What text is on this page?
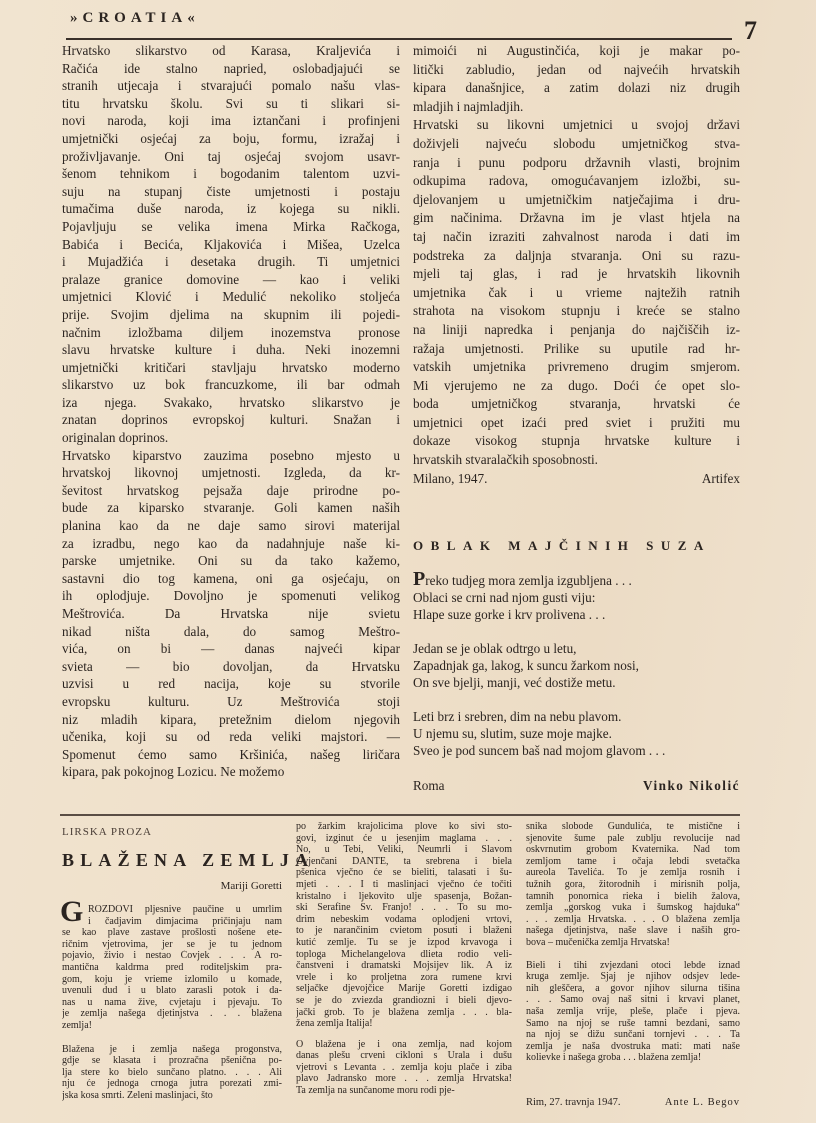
»CROATIA«	7
Hrvatsko slikarstvo od Karasa, Kraljevića i
Račića ide stalno napried, oslobadjajući se
stranih utjecaja i stvarajući pomalo našu vlas-
titu hrvatsku školu. Svi su ti slikari si-
novi naroda, koji ima iztančani i profinjeni
umjetnički osjećaj za boju, formu, izražaj i
proživljavanje. Oni taj osjećaj svojom usavr-
šenom tehnikom i bogodanim talentom uzvi-
suju na stupanj čiste umjetnosti i postaju
tumačima duše naroda, iz kojega su nikli.
Pojavljuju se velika imena Mirka Račkoga,
Babića i Becića, Kljakovića i Mišea, Uzelca
i Mujadžića i desetaka drugih. Ti umjetnici
pralaze granice domovine — kao i veliki
umjetnici Klović i Medulić nekoliko stoljeća
prije. Svojim djelima na skupnim ili pojedi-
načnim izložbama diljem inozemstva pronose
slavu hrvatske kulture i duha. Neki inozemni
umjetnički kritičari stavljaju hrvatsko moderno
slikarstvo uz bok francuzkome, ili bar odmah
iza njega. Svakako, hrvatsko slikarstvo je
znatan doprinos evropskoj kulturi. Snažan i
originalan doprinos.
Hrvatsko kiparstvo zauzima posebno mjesto u
hrvatskoj likovnoj umjetnosti. Izgleda, da kr-
ševitost hrvatskog pejsaža daje prirodne po-
bude za kiparsko stvaranje. Goli kamen naših
planina kao da ne daje samo sirovi materijal
za izradbu, nego kao da nadahnjuje naše ki-
parske umjetnike. Oni su da tako kažemo,
sastavni dio tog kamena, oni ga osjećaju, on
ih oplodjuje. Dovoljno je spomenuti velikog
Meštrovića. Da Hrvatska nije svietu
nikad ništa dala, do samog Meštro-
vića, on bi — danas najveći kipar
svieta — bio dovoljan, da Hrvatsku
uzvisi u red nacija, koje su stvorile
evropsku kulturu. Uz Meštrovića stoji
niz mladih kipara, pretežnim dielom njegovih
učenika, koji su od reda veliki majstori. —
Spomenut ćemo samo Kršinića, našeg liričara
kipara, pak pokojnog Lozicu. Ne možemo
mimoići ni Augustinčića, koji je makar po-
litički zabludio, jedan od najvećih hrvatskih
kipara današnjice, a zatim dolazi niz drugih
mladjih i najmladjih.
Hrvatski su likovni umjetnici u svojoj državi
doživjeli najveću slobodu umjetničkog stva-
ranja i punu podporu državnih vlasti, brojnim
odkupima radova, omogućavanjem izložbi, su-
djelovanjem u umjetničkim natječajima i dru-
gim načinima. Državna im je vlast htjela na
taj način izraziti zahvalnost naroda i dati im
podstreka za daljnja stvaranja. Oni su razu-
mjeli taj glas, i rad je hrvatskih likovnih
umjetnika čak i u vrieme najtežih ratnih
strahota na visokom stupnju i kreće se stalno
na liniji napredka i penjanja do najčiščih iz-
ražaja umjetnosti. Prilike su uputile rad hr-
vatskih umjetnika privremeno drugim smjerom.
Mi vjerujemo ne za dugo. Doći će opet slo-
boda umjetničkog stvaranja, hrvatski će
umjetnici opet izaći pred sviet i pružiti mu
dokaze visokog stupnja hrvatske kulture i
hrvatskih stvaralačkih sposobnosti.
Milano, 1947.	Artifex
OBLAK MAJČINIH SUZA
Preko tudjeg mora zemlja izgubljena . . .
Oblaci se crni nad njom gusti viju:
Hlape suze gorke i krv prolivena . . .
Jedan se je oblak odtrgo u letu,
Zapadnjak ga, lakog, k suncu žarkom nosi,
On sve bjelji, manji, već dostiže metu.
Leti brz i srebren, dim na nebu plavom.
U njemu su, slutim, suze moje majke.
Sveo je pod suncem baš nad mojom glavom . . .
Roma	Vinko Nikolić
LIRSKA PROZA
BLAŽENA ZEMLJA
Mariji Goretti
G ROZDOVI pljesnive paučine u umrlim
i čadjavim dimjacima pričinjaju nam
se kao plave zastave prošlosti nošene ete-
ričnim vjetrovima, jer se je tu jednom
pojavio, živio i nestao Čovjek . . . A ro-
mantična kaldrma pred roditeljskim pra-
gom, koju je vrieme izlomilo u komade,
uvenuli dud i u blato zarasli potok i da-
nas u nama žive, cvjetaju i pjevaju. To
je zemlja našega djetinjstva . . . blažena
zemlja!
Blažena je i zemlja našega progonstva,
gdje se klasata i prozračna pšenična po-
lja stere ko bielo sunčano platno. . . . Ali
nju će jednoga crnoga jutra porezati zmi-
jska kosa smrti. Zeleni maslinjaci, što
po žarkim krajolicima plove ko sivi sto-
govi, izginut će u jesenjim maglama . . .
No, u Tebi, Veliki, Neumrli i Slavom
Ovjenčani DANTE, ta srebrena i biela
pšenica vječno će se bieliti, talasati i šu-
mjeti . . . I ti maslinjaci vječno će točiti
kristalno i ljekovito ulje spasenja, Božan-
ski Serafine Sv. Franjo! . . . To su mo-
drim nebeskim vodama oplodjeni vrtovi,
to je narančinim cvietom posuti i blaženi
kutić zemlje. Tu se je izpod krvavoga i
toploga Michelangelova dlieta rodio veli-
čanstveni i dramatski Mojsijev lik. A iz
vrele i ko proljetna zora rumene krvi
seljačke djevojčice Marije Goretti izdigao
se je do zviezda grandiozni i bieli djevo-
jački grob. To je blažena zemlja . . . bla-
žena zemlja Italija!
O blažena je i ona zemlja, nad kojom
danas plešu crveni cikloni s Urala i dušu
vjetrovi s Levanta . . zemlja koju plače i ziba
plavo Jadransko more . . . zemlja Hrvatska!
Ta zemlja na sunčanome moru rodi pje-
snika slobode Gundulića, te mistične i
sjenovite šume pale zublju revolucije nad
oskvrnutim grobom Kvaternika. Nad tom
zemljom tame i očaja lebdi svetačka
aureola Tavelića. To je zemlja rosnih i
tužnih gora, žitorodnih i mirisnih polja,
tamnih ponornica rieka i bielih žalova,
zemlja „gorskog vuka i šumskog hajduka“
. . . zemlja Hrvatska. . . . O blažena zemlja
našega djetinjstva, naše slave i naših gro-
bova – mučenička zemlja Hrvatska!
Bieli i tihi zvjezdani otoci lebde iznad
kruga zemlje. Sjaj je njihov odsjev lede-
nih gleščera, a govor njihov silurna tišina
. . . Samo ovaj naš sitni i krvavi planet,
naša zemlja vrije, pleše, plače i pjeva.
Samo na njoj se ruše tamni bezdani, samo
na njoj se dižu sunčani tornjevi . . . Ta
zemlja je naša dvostruka mati: mati naše
kolievke i našega groba . . . blažena zemlja!
Rim, 27. travnja 1947.	Ante L. Begov
